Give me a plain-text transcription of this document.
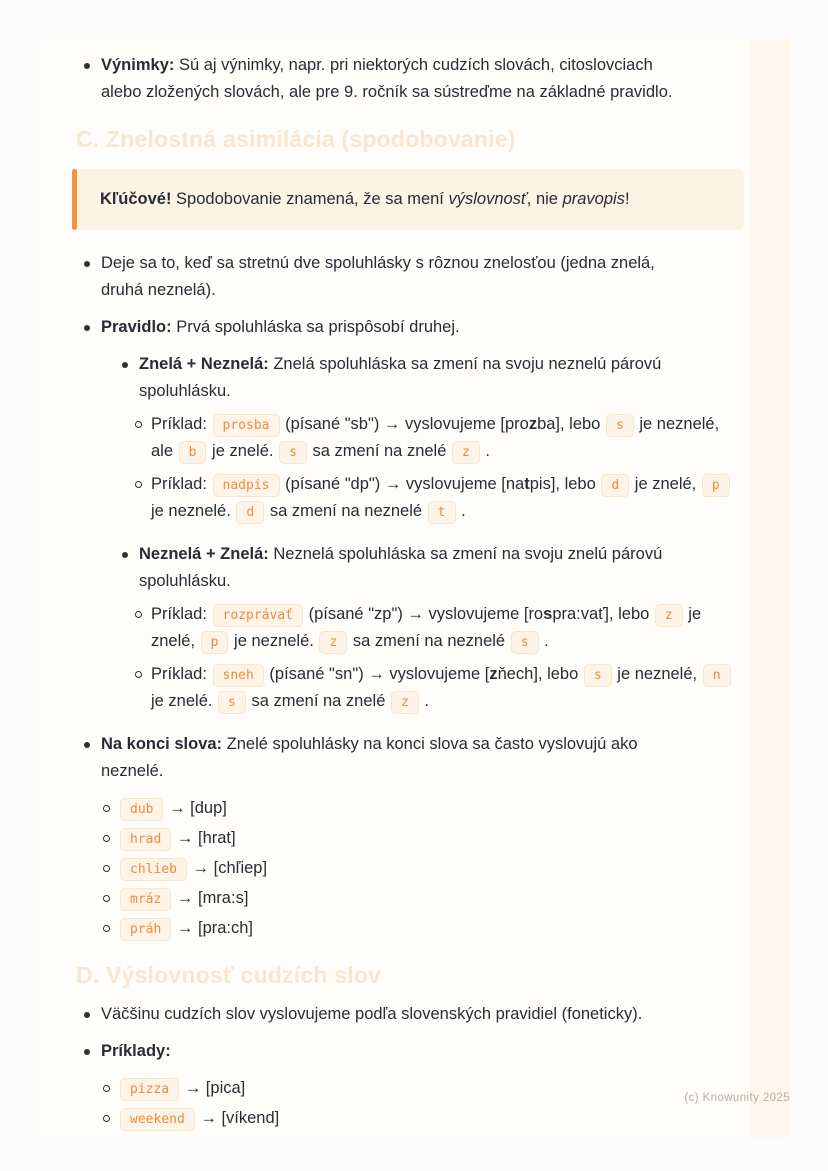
Výnimky: Sú aj výnimky, napr. pri niektorých cudzích slovách, citoslovciach alebo zložených slovách, ale pre 9. ročník sa sústreďme na základné pravidlo.
C. Znelostná asimilácia (spodobovanie)

Kľúčové! Spodobovanie znamená, že sa mení výslovnosť, nie pravopis!

Deje sa to, keď sa stretnú dve spoluhlásky s rôznou znelosťou (jedna znelá, druhá neznelá).
Pravidlo: Prvá spoluhláska sa prispôsobí druhej.
Znelá + Neznelá: Znelá spoluhláska sa zmení na svoju neznelú párovú spoluhlásku.
Príklad: prosba (písané "sb") → vyslovujeme [prozba], lebo s je neznelé, ale b je znelé. s sa zmení na znelé z .
Príklad: nadpis (písané "dp") → vyslovujeme [natpis], lebo d je znelé, p je neznelé. d sa zmení na neznelé t .
Neznelá + Znelá: Neznelá spoluhláska sa zmení na svoju znelú párovú spoluhlásku.
Príklad: rozprávať (písané "zp") → vyslovujeme [rospra:vať], lebo z je znelé, p je neznelé. z sa zmení na neznelé s .
Príklad: sneh (písané "sn") → vyslovujeme [zňech], lebo s je neznelé, n je znelé. s sa zmení na znelé z .
Na konci slova: Znelé spoluhlásky na konci slova sa často vyslovujú ako neznelé.
dub → [dup]
hrad → [hrat]
chlieb → [chľiep]
mráz → [mra:s]
práh → [pra:ch]
D. Výslovnosť cudzích slov
Väčšinu cudzích slov vyslovujeme podľa slovenských pravidiel (foneticky).
Príklady:
pizza → [pica]
weekend → [víkend]
(c) Knowunity 2025
